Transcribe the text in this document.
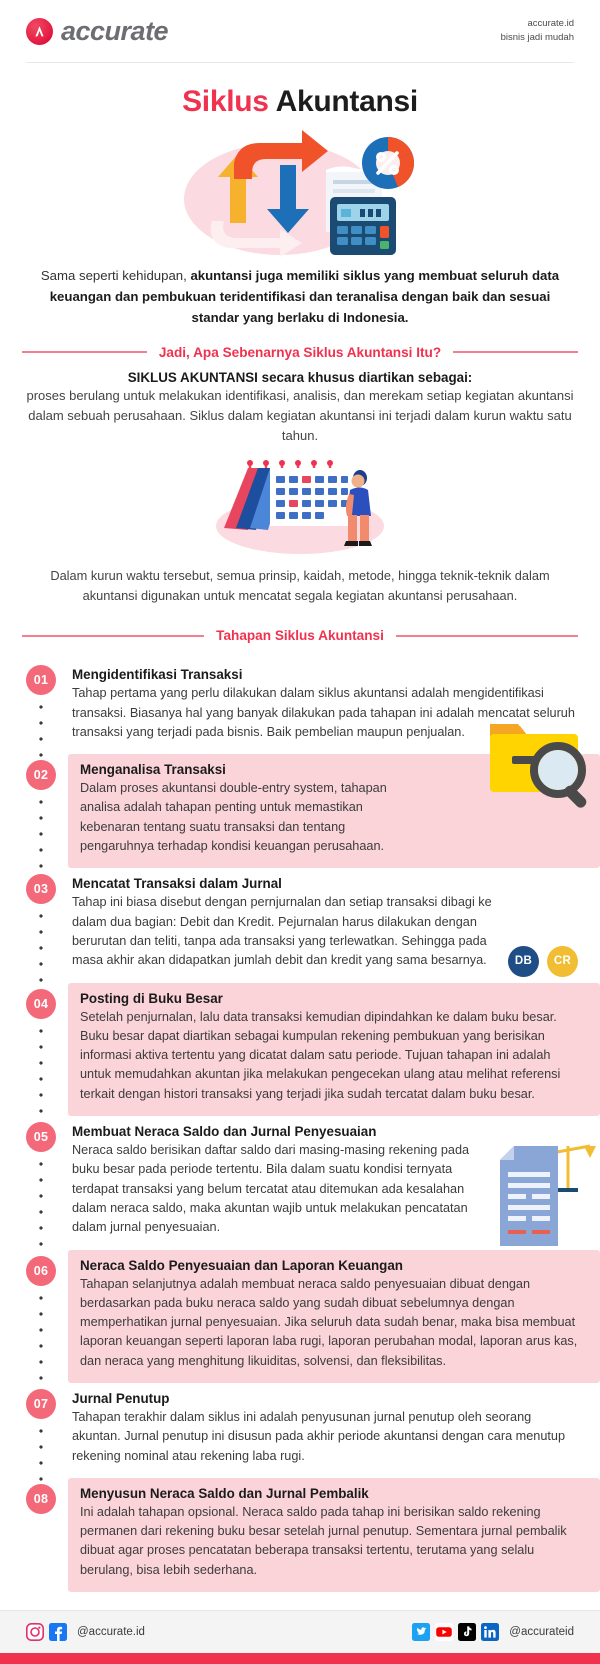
accurate	accurate.id
bisnis jadi mudah
Siklus Akuntansi
Sama seperti kehidupan, akuntansi juga memiliki siklus yang membuat seluruh data keuangan dan pembukuan teridentifikasi dan teranalisa dengan baik dan sesuai standar yang berlaku di Indonesia.
Jadi, Apa Sebenarnya Siklus Akuntansi Itu?
SIKLUS AKUNTANSI secara khusus diartikan sebagai:
proses berulang untuk melakukan identifikasi, analisis, dan merekam setiap kegiatan akuntansi dalam sebuah perusahaan. Siklus dalam kegiatan akuntansi ini terjadi dalam kurun waktu satu tahun.
Dalam kurun waktu tersebut, semua prinsip, kaidah, metode, hingga teknik-teknik dalam akuntansi digunakan untuk mencatat segala kegiatan akuntansi perusahaan.
Tahapan Siklus Akuntansi
01	Mengidentifikasi Transaksi
Tahap pertama yang perlu dilakukan dalam siklus akuntansi adalah mengidentifikasi transaksi. Biasanya hal yang banyak dilakukan pada tahapan ini adalah mencatat seluruh transaksi yang terjadi pada bisnis. Baik pembelian maupun penjualan.
02	Menganalisa Transaksi
Dalam proses akuntansi double-entry system, tahapan analisa adalah tahapan penting untuk memastikan kebenaran tentang suatu transaksi dan tentang pengaruhnya terhadap kondisi keuangan perusahaan.
03	Mencatat Transaksi dalam Jurnal
Tahap ini biasa disebut dengan pernjurnalan dan setiap transaksi dibagi ke dalam dua bagian: Debit dan Kredit. Pejurnalan harus dilakukan dengan berurutan dan teliti, tanpa ada transaksi yang terlewatkan. Sehingga pada masa akhir akan didapatkan jumlah debit dan kredit yang sama besarnya.	DB	CR
04	Posting di Buku Besar
Setelah penjurnalan, lalu data transaksi kemudian dipindahkan ke dalam buku besar. Buku besar dapat diartikan sebagai kumpulan rekening pembukuan yang berisikan informasi aktiva tertentu yang dicatat dalam satu periode. Tujuan tahapan ini adalah untuk memudahkan akuntan jika melakukan pengecekan ulang atau melihat referensi terkait dengan histori transaksi yang terjadi jika sudah tercatat dalam buku besar.
05	Membuat Neraca Saldo dan Jurnal Penyesuaian
Neraca saldo berisikan daftar saldo dari masing-masing rekening pada buku besar pada periode tertentu. Bila dalam suatu kondisi ternyata terdapat transaksi yang belum tercatat atau ditemukan ada kesalahan dalam neraca saldo, maka akuntan wajib untuk melakukan pencatatan dalam jurnal penyesuaian.
06	Neraca Saldo Penyesuaian dan Laporan Keuangan
Tahapan selanjutnya adalah membuat neraca saldo penyesuaian dibuat dengan berdasarkan pada buku neraca saldo yang sudah dibuat sebelumnya dengan memperhatikan jurnal penyesuaian. Jika seluruh data sudah benar, maka bisa membuat laporan keuangan seperti laporan laba rugi, laporan perubahan modal, laporan arus kas, dan neraca yang menghitung likuiditas, solvensi, dan fleksibilitas.
07	Jurnal Penutup
Tahapan terakhir dalam siklus ini adalah penyusunan jurnal penutup oleh seorang akuntan. Jurnal penutup ini disusun pada akhir periode akuntansi dengan cara menutup rekening nominal atau rekening laba rugi.
08	Menyusun Neraca Saldo dan Jurnal Pembalik
Ini adalah tahapan opsional. Neraca saldo pada tahap ini berisikan saldo rekening permanen dari rekening buku besar setelah jurnal penutup. Sementara jurnal pembalik dibuat agar proses pencatatan beberapa transaksi tertentu, terutama yang selalu berulang, bisa lebih sederhana.
@accurate.id	@accurateid
